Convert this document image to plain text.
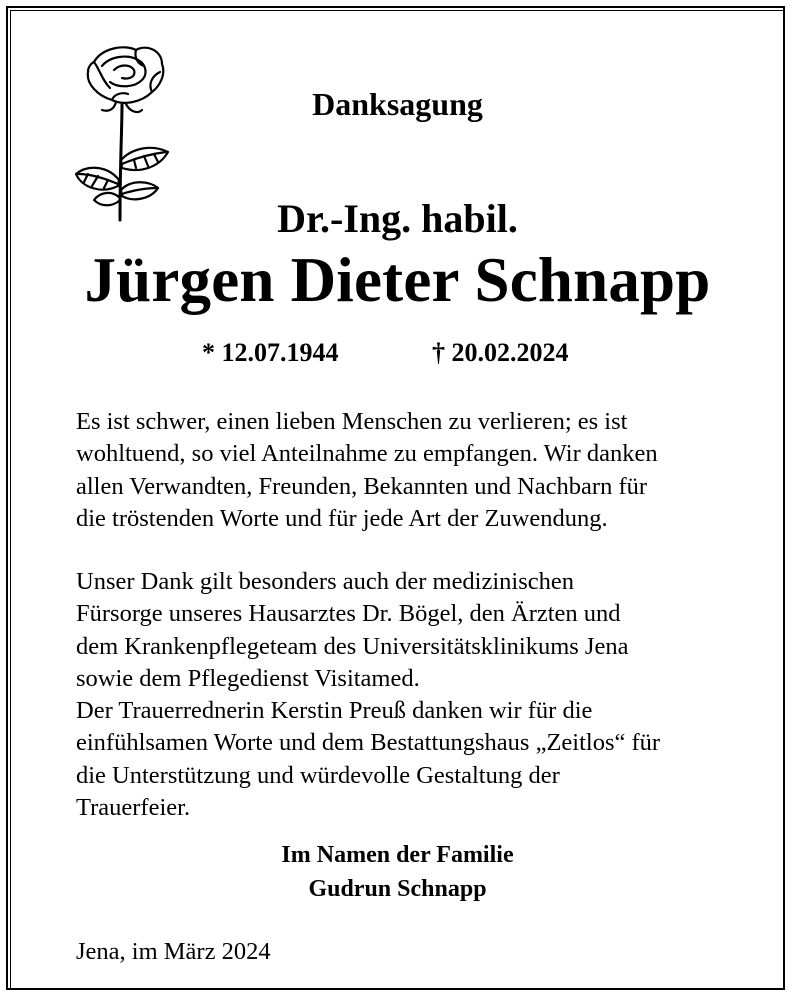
Danksagung
Dr.-Ing. habil.
Jürgen Dieter Schnapp
* 12.07.1944	† 20.02.2024
Es ist schwer, einen lieben Menschen zu verlieren; es ist
wohltuend, so viel Anteilnahme zu empfangen. Wir danken
allen Verwandten, Freunden, Bekannten und Nachbarn für
die tröstenden Worte und für jede Art der Zuwendung.
Unser Dank gilt besonders auch der medizinischen
Fürsorge unseres Hausarztes Dr. Bögel, den Ärzten und
dem Krankenpflegeteam des Universitätsklinikums Jena
sowie dem Pflegedienst Visitamed.
Der Trauerrednerin Kerstin Preuß danken wir für die
einfühlsamen Worte und dem Bestattungshaus „Zeitlos“ für
die Unterstützung und würdevolle Gestaltung der
Trauerfeier.
Im Namen der Familie
Gudrun Schnapp
Jena, im März 2024
